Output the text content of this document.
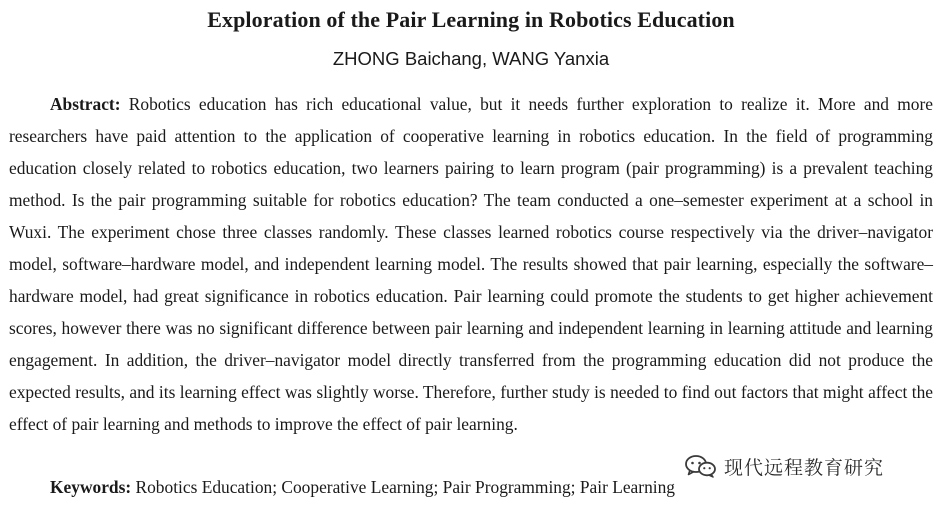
Exploration of the Pair Learning in Robotics Education
ZHONG Baichang, WANG Yanxia

Abstract: Robotics education has rich educational value, but it needs further exploration to realize it. More and more researchers have paid attention to the application of cooperative learning in robotics education. In the field of programming education closely related to robotics education, two learners pairing to learn program (pair programming) is a prevalent teaching method. Is the pair programming suitable for robotics education? The team conducted a one–semester experiment at a school in Wuxi. The experiment chose three classes randomly. These classes learned robotics course respectively via the driver–navigator model, software–hardware model, and independent learning model. The results showed that pair learning, especially the software–hardware model, had great significance in robotics education. Pair learning could promote the students to get higher achievement scores, however there was no significant difference between pair learning and independent learning in learning attitude and learning engagement. In addition, the driver–navigator model directly transferred from the programming education did not produce the expected results, and its learning effect was slightly worse. Therefore, further study is needed to find out factors that might affect the effect of pair learning and methods to improve the effect of pair learning.

Keywords: Robotics Education; Cooperative Learning; Pair Programming; Pair Learning
现代远程教育研究
